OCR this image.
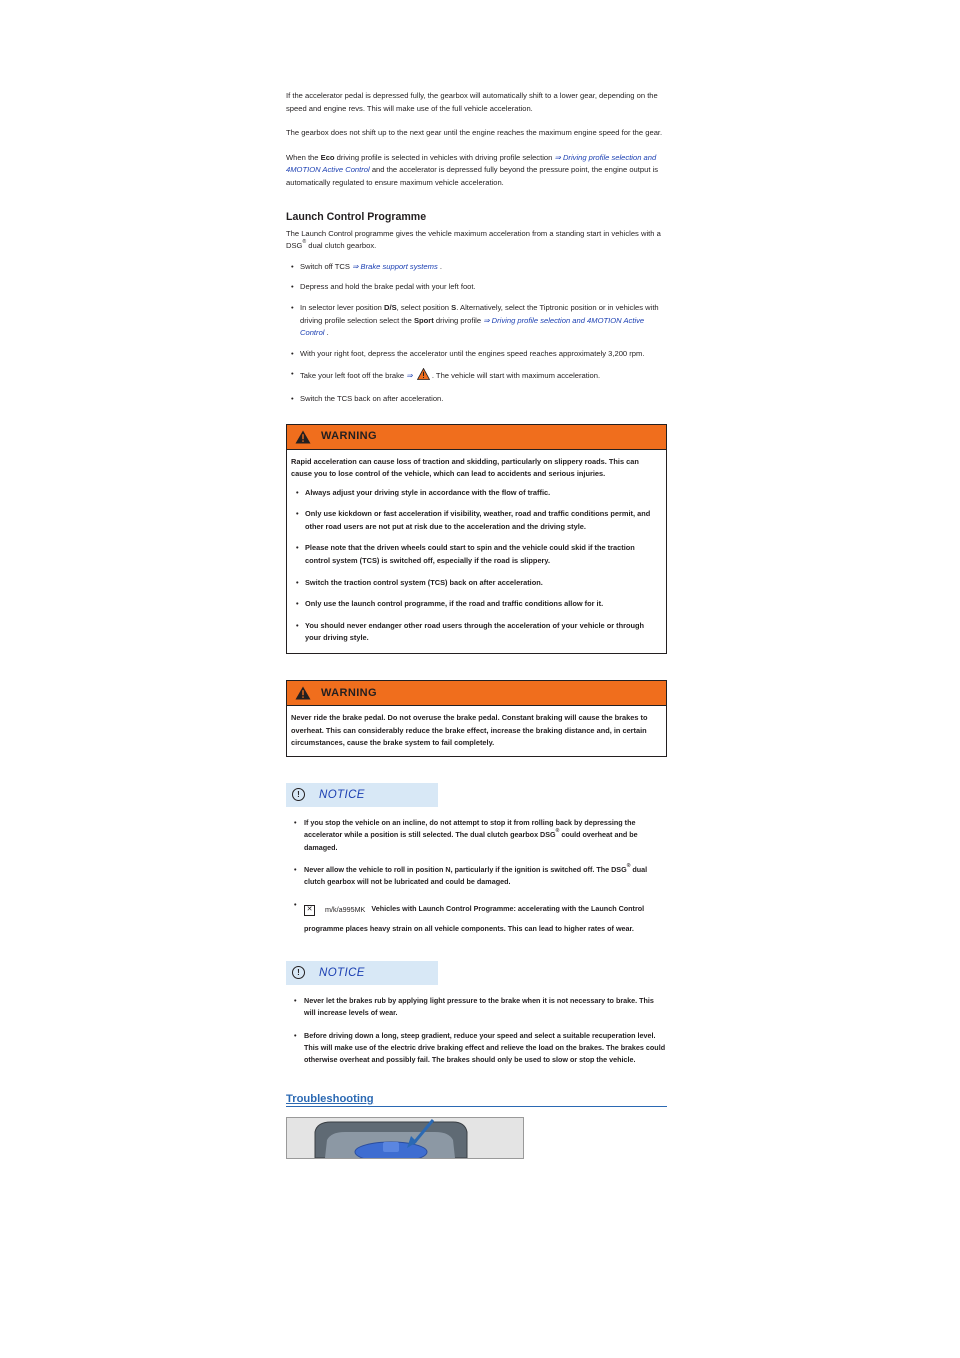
If the accelerator pedal is depressed fully, the gearbox will automatically shift to a lower gear, depending on the speed and engine revs. This will make use of the full vehicle acceleration.

The gearbox does not shift up to the next gear until the engine reaches the maximum engine speed for the gear.

When the Eco driving profile is selected in vehicles with driving profile selection ⇒ Driving profile selection and 4MOTION Active Control and the accelerator is depressed fully beyond the pressure point, the engine output is automatically regulated to ensure maximum vehicle acceleration.

Launch Control Programme
The Launch Control programme gives the vehicle maximum acceleration from a standing start in vehicles with a DSG® dual clutch gearbox.
• Switch off TCS ⇒ Brake support systems .
• Depress and hold the brake pedal with your left foot.
• In selector lever position D/S, select position S. Alternatively, select the Tiptronic position or in vehicles with driving profile selection select the Sport driving profile ⇒ Driving profile selection and 4MOTION Active Control .
• With your right foot, depress the accelerator until the engines speed reaches approximately 3,200 rpm.
• Take your left foot off the brake ⇒  . The vehicle will start with maximum acceleration.
• Switch the TCS back on after acceleration.
WARNING
Rapid acceleration can cause loss of traction and skidding, particularly on slippery roads. This can cause you to lose control of the vehicle, which can lead to accidents and serious injuries.
• Always adjust your driving style in accordance with the flow of traffic.
• Only use kickdown or fast acceleration if visibility, weather, road and traffic conditions permit, and other road users are not put at risk due to the acceleration and the driving style.
• Please note that the driven wheels could start to spin and the vehicle could skid if the traction control system (TCS) is switched off, especially if the road is slippery.
• Switch the traction control system (TCS) back on after acceleration.
• Only use the launch control programme, if the road and traffic conditions allow for it.
• You should never endanger other road users through the acceleration of your vehicle or through your driving style.
WARNING
Never ride the brake pedal. Do not overuse the brake pedal. Constant braking will cause the brakes to overheat. This can considerably reduce the brake effect, increase the braking distance and, in certain circumstances, cause the brake system to fail completely.
!	NOTICE
• If you stop the vehicle on an incline, do not attempt to stop it from rolling back by depressing the accelerator while a position is still selected. The dual clutch gearbox DSG® could overheat and be damaged.
• Never allow the vehicle to roll in position N, particularly if the ignition is switched off. The DSG® dual clutch gearbox will not be lubricated and could be damaged.
• ✕	m/k/a995MK Vehicles with Launch Control Programme: accelerating with the Launch Control programme places heavy strain on all vehicle components. This can lead to higher rates of wear.
!	NOTICE
• Never let the brakes rub by applying light pressure to the brake when it is not necessary to brake. This will increase levels of wear.
• Before driving down a long, steep gradient, reduce your speed and select a suitable recuperation level. This will make use of the electric drive braking effect and relieve the load on the brakes. The brakes could otherwise overheat and possibly fail. The brakes should only be used to slow or stop the vehicle.
Troubleshooting
